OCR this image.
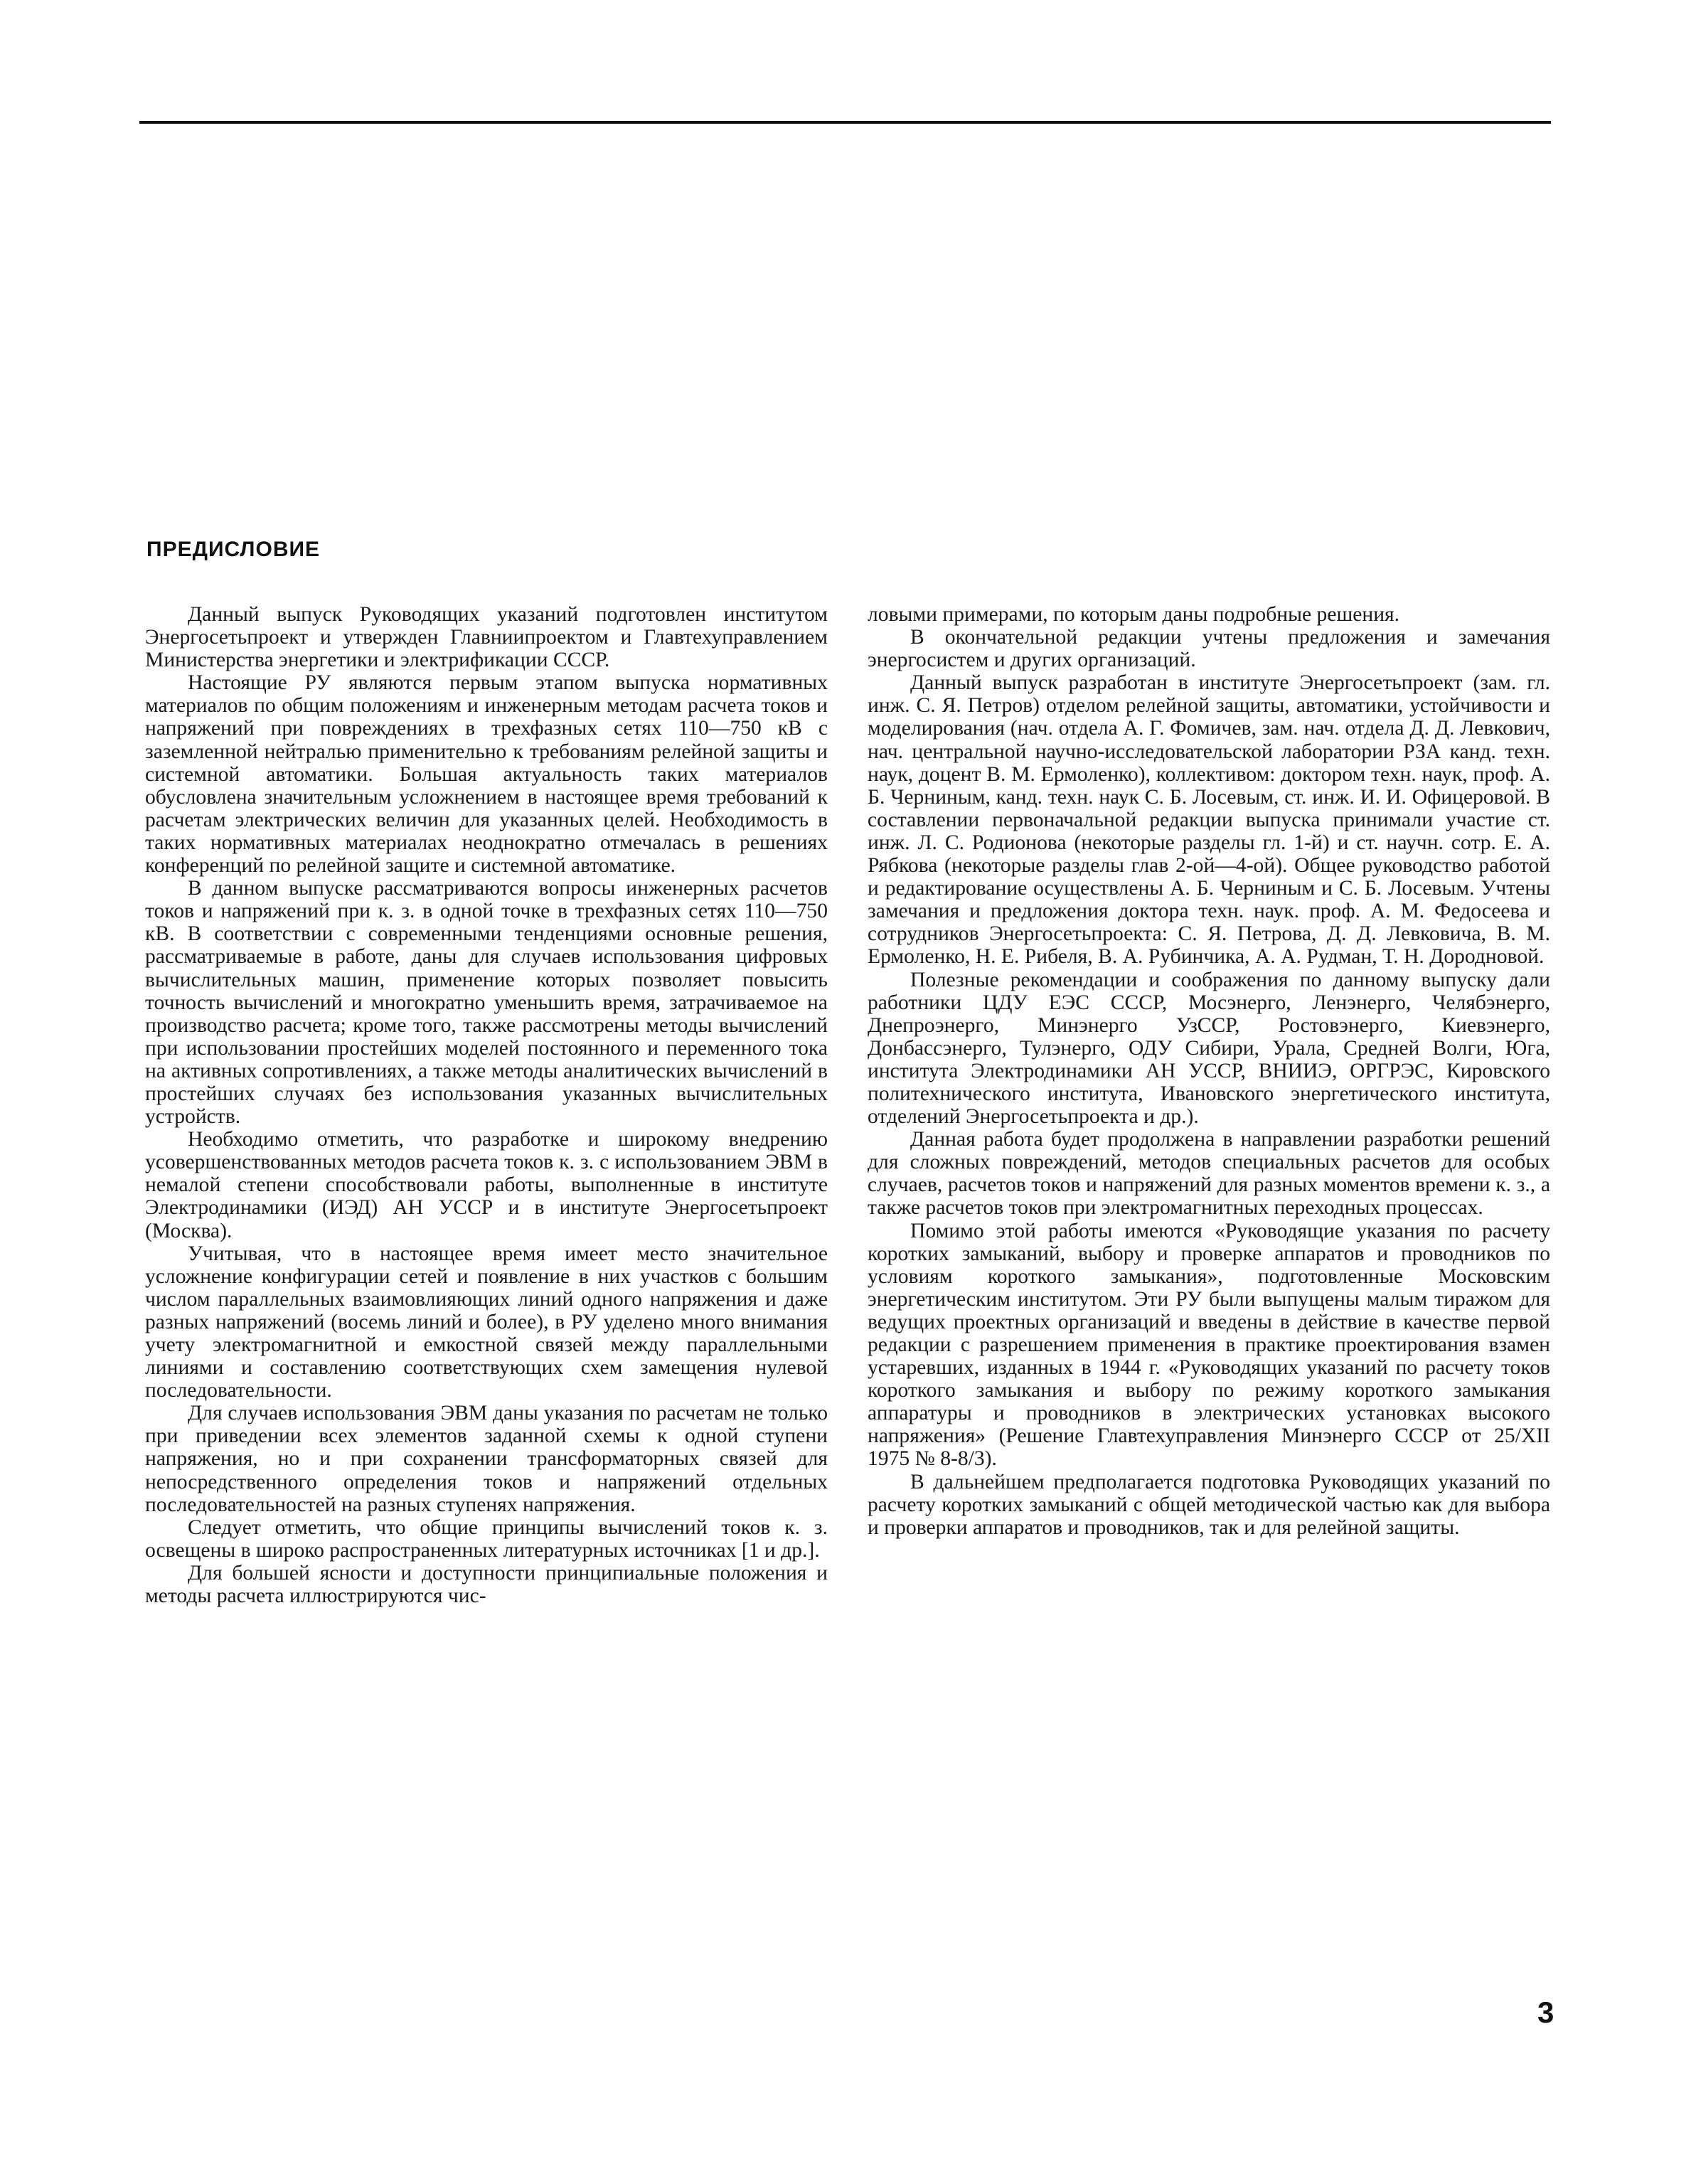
ПРЕДИСЛОВИЕ

Данный выпуск Руководящих указаний подготовлен институтом Энергосетьпроект и утвержден Главниипроектом и Главтехуправлением Министерства энергетики и электрификации СССР.

Настоящие РУ являются первым этапом выпуска нормативных материалов по общим положениям и инженерным методам расчета токов и напряжений при повреждениях в трехфазных сетях 110—750 кВ с заземленной нейтралью применительно к требованиям релейной защиты и системной автоматики. Большая актуальность таких материалов обусловлена значительным усложнением в настоящее время требований к расчетам электрических величин для указанных целей. Необходимость в таких нормативных материалах неоднократно отмечалась в решениях конференций по релейной защите и системной автоматике.

В данном выпуске рассматриваются вопросы инженерных расчетов токов и напряжений при к. з. в одной точке в трехфазных сетях 110—750 кВ. В соответствии с современными тенденциями основные решения, рассматриваемые в работе, даны для случаев использования цифровых вычислительных машин, применение которых позволяет повысить точность вычислений и многократно уменьшить время, затрачиваемое на производство расчета; кроме того, также рассмотрены методы вычислений при использовании простейших моделей постоянного и переменного тока на активных сопротивлениях, а также методы аналитических вычислений в простейших случаях без использования указанных вычислительных устройств.

Необходимо отметить, что разработке и широкому внедрению усовершенствованных методов расчета токов к. з. с использованием ЭВМ в немалой степени способствовали работы, выполненные в институте Электродинамики (ИЭД) АН УССР и в институте Энергосетьпроект (Москва).

Учитывая, что в настоящее время имеет место значительное усложнение конфигурации сетей и появление в них участков с большим числом параллельных взаимовлияющих линий одного напряжения и даже разных напряжений (восемь линий и более), в РУ уделено много внимания учету электромагнитной и емкостной связей между параллельными линиями и составлению соответствующих схем замещения нулевой последовательности.

Для случаев использования ЭВМ даны указания по расчетам не только при приведении всех элементов заданной схемы к одной ступени напряжения, но и при сохранении трансформаторных связей для непосредственного определения токов и напряжений отдельных последовательностей на разных ступенях напряжения.

Следует отметить, что общие принципы вычислений токов к. з. освещены в широко распространенных литературных источниках [1 и др.].

Для большей ясности и доступности принципиальные положения и методы расчета иллюстрируются чис-

ловыми примерами, по которым даны подробные решения.

В окончательной редакции учтены предложения и замечания энергосистем и других организаций.

Данный выпуск разработан в институте Энергосетьпроект (зам. гл. инж. С. Я. Петров) отделом релейной защиты, автоматики, устойчивости и моделирования (нач. отдела А. Г. Фомичев, зам. нач. отдела Д. Д. Левкович, нач. центральной научно-исследовательской лаборатории РЗА канд. техн. наук, доцент В. М. Ермоленко), коллективом: доктором техн. наук, проф. А. Б. Черниным, канд. техн. наук С. Б. Лосевым, ст. инж. И. И. Офицеровой. В составлении первоначальной редакции выпуска принимали участие ст. инж. Л. С. Родионова (некоторые разделы гл. 1-й) и ст. научн. сотр. Е. А. Рябкова (некоторые разделы глав 2-ой—4-ой). Общее руководство работой и редактирование осуществлены А. Б. Черниным и С. Б. Лосевым. Учтены замечания и предложения доктора техн. наук. проф. А. М. Федосеева и сотрудников Энергосетьпроекта: С. Я. Петрова, Д. Д. Левковича, В. М. Ермоленко, Н. Е. Рибеля, В. А. Рубинчика, А. А. Рудман, Т. Н. Дородновой.

Полезные рекомендации и соображения по данному выпуску дали работники ЦДУ ЕЭС СССР, Мосэнерго, Ленэнерго, Челябэнерго, Днепроэнерго, Минэнерго УзССР, Ростовэнерго, Киевэнерго, Донбассэнерго, Тулэнерго, ОДУ Сибири, Урала, Средней Волги, Юга, института Электродинамики АН УССР, ВНИИЭ, ОРГРЭС, Кировского политехнического института, Ивановского энергетического института, отделений Энергосетьпроекта и др.).

Данная работа будет продолжена в направлении разработки решений для сложных повреждений, методов специальных расчетов для особых случаев, расчетов токов и напряжений для разных моментов времени к. з., а также расчетов токов при электромагнитных переходных процессах.

Помимо этой работы имеются «Руководящие указания по расчету коротких замыканий, выбору и проверке аппаратов и проводников по условиям короткого замыкания», подготовленные Московским энергетическим институтом. Эти РУ были выпущены малым тиражом для ведущих проектных организаций и введены в действие в качестве первой редакции с разрешением применения в практике проектирования взамен устаревших, изданных в 1944 г. «Руководящих указаний по расчету токов короткого замыкания и выбору по режиму короткого замыкания аппаратуры и проводников в электрических установках высокого напряжения» (Решение Главтехуправления Минэнерго СССР от 25/XII 1975 № 8-8/3).

В дальнейшем предполагается подготовка Руководящих указаний по расчету коротких замыканий с общей методической частью как для выбора и проверки аппаратов и проводников, так и для релейной защиты.

3
